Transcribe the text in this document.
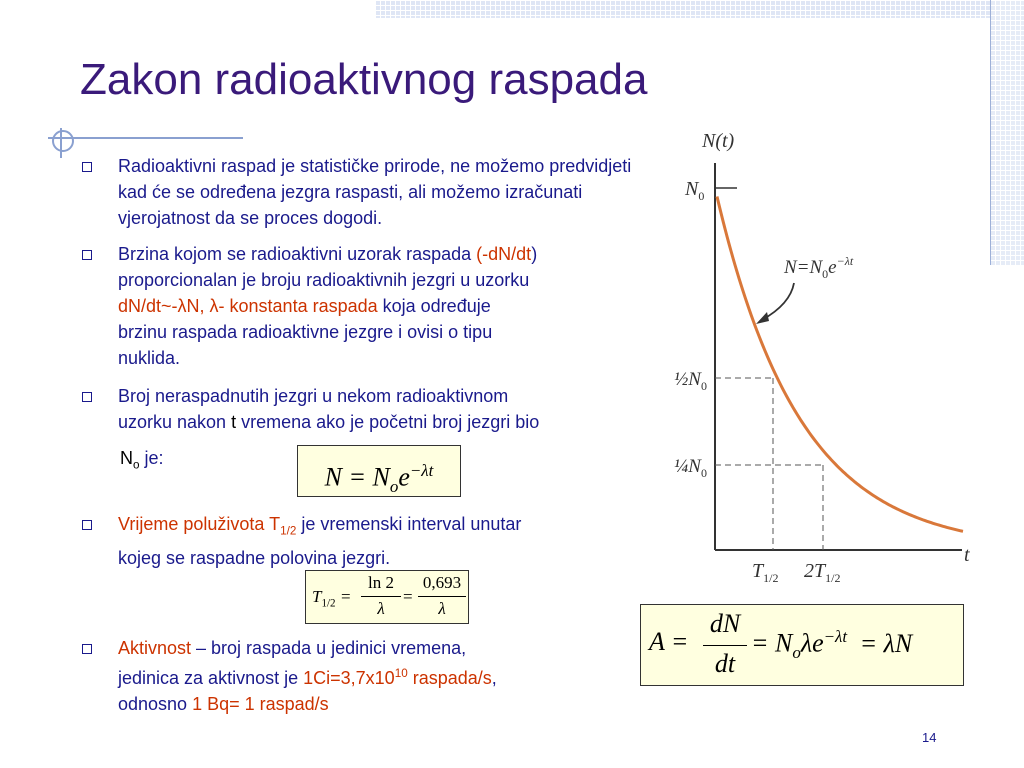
Zakon radioaktivnog raspada
Radioaktivni raspad je statističke prirode, ne možemo predvidjeti kad će se određena jezgra raspasti, ali možemo izračunati vjerojatnost da se proces dogodi.
Brzina kojom se radioaktivni uzorak raspada (-dN/dt)
proporcionalan je broju radioaktivnih jezgri u uzorku
dN/dt~-λN, λ- konstanta raspada koja određuje
brzinu raspada radioaktivne jezgre i ovisi o tipu
nuklida.
Broj neraspadnutih jezgri u nekom radioaktivnom
uzorku nakon t vremena ako je početni broj jezgri bio
$N_o$ je:
$N = N_oe^{-\lambda t}$
Vrijeme poluživota $T_{1/2}$ je vremenski interval unutar
kojeg se raspadne polovina jezgri.
$T_{1/2}$ =
ln 2
λ
=
0,693
λ
Aktivnost – broj raspada u jedinici vremena,
jedinica za aktivnost je $1Ci=3,7x10^{10}$ raspada/s,
odnosno 1 Bq= 1 raspad/s
A =
dN
dt
= $N_o\lambda e^{-\lambda t} = \lambda N$
N(t)
t
$N_0$
$\frac{1}{2}N_0$
$\frac{1}{4}N_0$
$T_{1/2}$ $2T_{1/2}$
$N=N_0e^{-\lambda t}$
14
